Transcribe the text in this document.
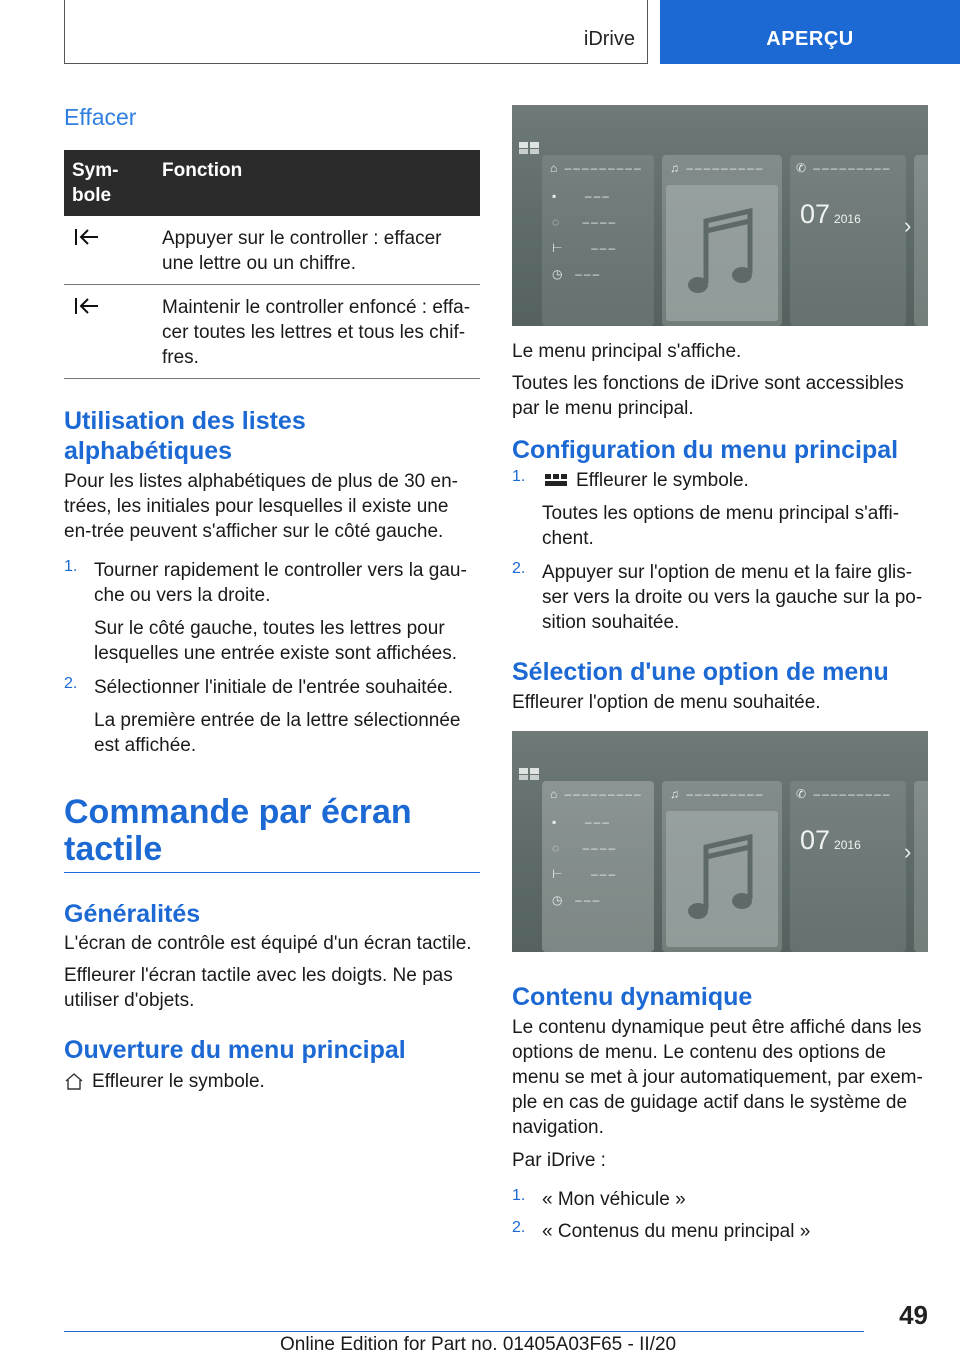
iDrive	APERÇU
Effacer
Sym-
bole	Fonction
	Appuyer sur le controller : effacer une lettre ou un chiffre.
	Maintenir le controller enfoncé : effa-cer toutes les lettres et tous les chif-fres.
Utilisation des listes alphabétiques

Pour les listes alphabétiques de plus de 30 en-trées, les initiales pour lesquelles il existe une en-trée peuvent s'afficher sur le côté gauche.

1. Tourner rapidement le controller vers la gau-che ou vers la droite.

Sur le côté gauche, toutes les lettres pour lesquelles une entrée existe sont affichées.

2. Sélectionner l'initiale de l'entrée souhaitée.

La première entrée de la lettre sélectionnée est affichée.

Commande par écran tactile
Généralités

L'écran de contrôle est équipé d'un écran tactile.

Effleurer l'écran tactile avec les doigts. Ne pas utiliser d'objets.

Ouverture du menu principal

Effleurer le symbole.

⌂ ‒‒‒‒‒‒‒‒‒
▪     ‒‒‒
◌    ‒‒‒‒
⊢     ‒‒‒
◷  ‒‒‒
♫ ‒‒‒‒‒‒‒‒‒	✆ ‒‒‒‒‒‒‒‒‒
07 2016 ›

Le menu principal s'affiche.

Toutes les fonctions de iDrive sont accessibles par le menu principal.

Configuration du menu principal
1.	Effleurer le symbole.

Toutes les options de menu principal s'affi-chent.

2. Appuyer sur l'option de menu et la faire glis-ser vers la droite ou vers la gauche sur la po-sition souhaitée.

Sélection d'une option de menu

Effleurer l'option de menu souhaitée.

⌂ ‒‒‒‒‒‒‒‒‒
▪     ‒‒‒
◌    ‒‒‒‒
⊢     ‒‒‒
◷  ‒‒‒
♫ ‒‒‒‒‒‒‒‒‒	✆ ‒‒‒‒‒‒‒‒‒
07 2016 ›
Contenu dynamique

Le contenu dynamique peut être affiché dans les options de menu. Le contenu des options de menu se met à jour automatiquement, par exem-ple en cas de guidage actif dans le système de navigation.

Par iDrive :

1. « Mon véhicule »

2. « Contenus du menu principal »

49
Online Edition for Part no. 01405A03F65 - II/20
